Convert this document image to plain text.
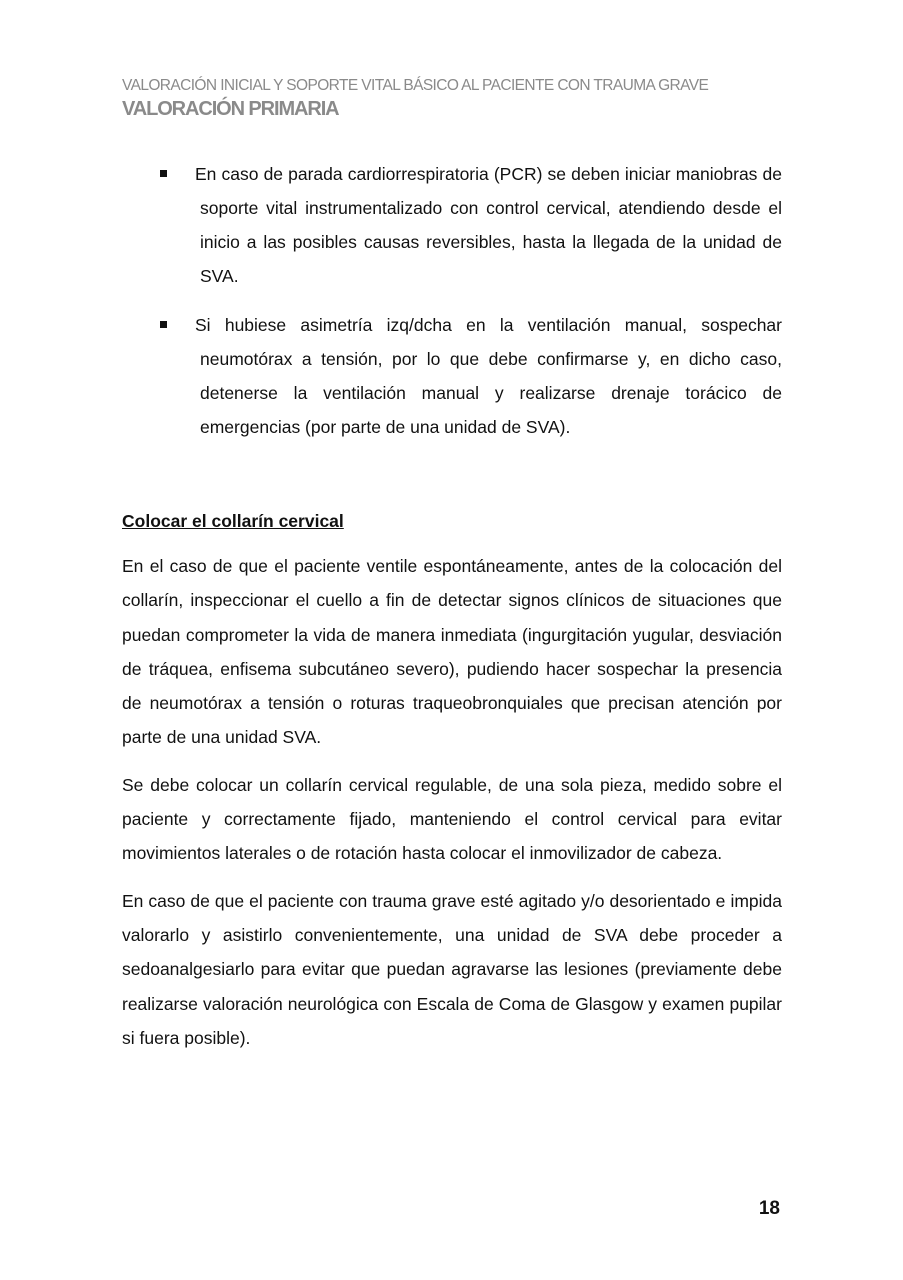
VALORACIÓN INICIAL Y SOPORTE VITAL BÁSICO AL PACIENTE CON TRAUMA GRAVE
VALORACIÓN PRIMARIA
En caso de parada cardiorrespiratoria (PCR) se deben iniciar maniobras de soporte vital instrumentalizado con control cervical, atendiendo desde el inicio a las posibles causas reversibles, hasta la llegada de la unidad de SVA.
Si hubiese asimetría izq/dcha en la ventilación manual, sospechar neumotórax a tensión, por lo que debe confirmarse y, en dicho caso, detenerse la ventilación manual y realizarse drenaje torácico de emergencias (por parte de una unidad de SVA).
Colocar el collarín cervical

En el caso de que el paciente ventile espontáneamente, antes de la colocación del collarín, inspeccionar el cuello a fin de detectar signos clínicos de situaciones que puedan comprometer la vida de manera inmediata (ingurgitación yugular, desviación de tráquea, enfisema subcutáneo severo), pudiendo hacer sospechar la presencia de neumotórax a tensión o roturas traqueobronquiales que precisan atención por parte de una unidad SVA.

Se debe colocar un collarín cervical regulable, de una sola pieza, medido sobre el paciente y correctamente fijado, manteniendo el control cervical para evitar movimientos laterales o de rotación hasta colocar el inmovilizador de cabeza.

En caso de que el paciente con trauma grave esté agitado y/o desorientado e impida valorarlo y asistirlo convenientemente, una unidad de SVA debe proceder a sedoanalgesiarlo para evitar que puedan agravarse las lesiones (previamente debe realizarse valoración neurológica con Escala de Coma de Glasgow y examen pupilar si fuera posible).

18
